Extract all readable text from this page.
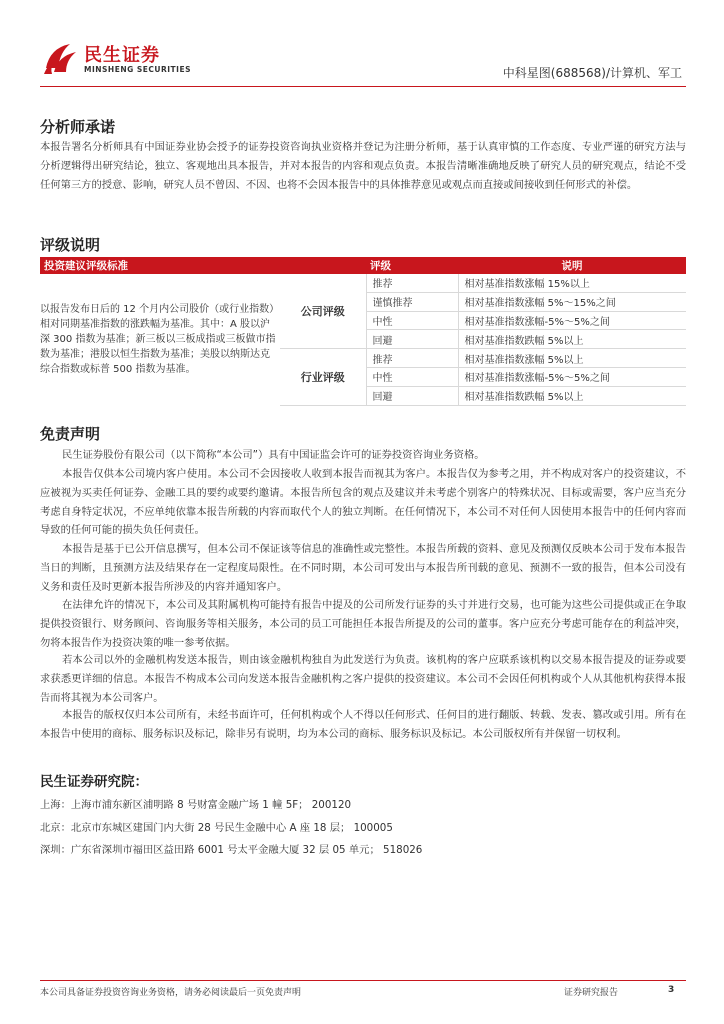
民生证券
MINSHENG SECURITIES	中科星图(688568)/计算机、军工
分析师承诺

本报告署名分析师具有中国证券业协会授予的证券投资咨询执业资格并登记为注册分析师，基于认真审慎的工作态度、专业严谨的研究方法与分析逻辑得出研究结论，独立、客观地出具本报告，并对本报告的内容和观点负责。本报告清晰准确地反映了研究人员的研究观点，结论不受任何第三方的授意、影响，研究人员不曾因、不因、也将不会因本报告中的具体推荐意见或观点而直接或间接收到任何形式的补偿。

评级说明
投资建议评级标准		评级	说明
以报告发布日后的 12 个月内公司股价（或行业指数）相对同期基准指数的涨跌幅为基准。其中：A 股以沪深 300 指数为基准；新三板以三板成指或三板做市指数为基准；港股以恒生指数为基准；美股以纳斯达克综合指数或标普 500 指数为基准。	公司评级	推荐	相对基准指数涨幅 15%以上
		谨慎推荐	相对基准指数涨幅 5%～15%之间
		中性	相对基准指数涨幅-5%～5%之间
		回避	相对基准指数跌幅 5%以上
	行业评级	推荐	相对基准指数涨幅 5%以上
		中性	相对基准指数涨幅-5%～5%之间
		回避	相对基准指数跌幅 5%以上
免责声明

民生证券股份有限公司（以下简称“本公司”）具有中国证监会许可的证券投资咨询业务资格。

本报告仅供本公司境内客户使用。本公司不会因接收人收到本报告而视其为客户。本报告仅为参考之用，并不构成对客户的投资建议，不应被视为买卖任何证券、金融工具的要约或要约邀请。本报告所包含的观点及建议并未考虑个别客户的特殊状况、目标或需要，客户应当充分考虑自身特定状况，不应单纯依靠本报告所载的内容而取代个人的独立判断。在任何情况下，本公司不对任何人因使用本报告中的任何内容而导致的任何可能的损失负任何责任。

本报告是基于已公开信息撰写，但本公司不保证该等信息的准确性或完整性。本报告所载的资料、意见及预测仅反映本公司于发布本报告当日的判断，且预测方法及结果存在一定程度局限性。在不同时期，本公司可发出与本报告所刊载的意见、预测不一致的报告，但本公司没有义务和责任及时更新本报告所涉及的内容并通知客户。

在法律允许的情况下，本公司及其附属机构可能持有报告中提及的公司所发行证券的头寸并进行交易，也可能为这些公司提供或正在争取提供投资银行、财务顾问、咨询服务等相关服务，本公司的员工可能担任本报告所提及的公司的董事。客户应充分考虑可能存在的利益冲突，勿将本报告作为投资决策的唯一参考依据。

若本公司以外的金融机构发送本报告，则由该金融机构独自为此发送行为负责。该机构的客户应联系该机构以交易本报告提及的证券或要求获悉更详细的信息。本报告不构成本公司向发送本报告金融机构之客户提供的投资建议。本公司不会因任何机构或个人从其他机构获得本报告而将其视为本公司客户。

本报告的版权仅归本公司所有，未经书面许可，任何机构或个人不得以任何形式、任何目的进行翻版、转载、发表、篡改或引用。所有在本报告中使用的商标、服务标识及标记，除非另有说明，均为本公司的商标、服务标识及标记。本公司版权所有并保留一切权利。

民生证券研究院：
上海：上海市浦东新区浦明路 8 号财富金融广场 1 幢 5F； 200120
北京：北京市东城区建国门内大街 28 号民生金融中心 A 座 18 层； 100005
深圳：广东省深圳市福田区益田路 6001 号太平金融大厦 32 层 05 单元； 518026
本公司具备证券投资咨询业务资格，请务必阅读最后一页免责声明	证券研究报告	3
